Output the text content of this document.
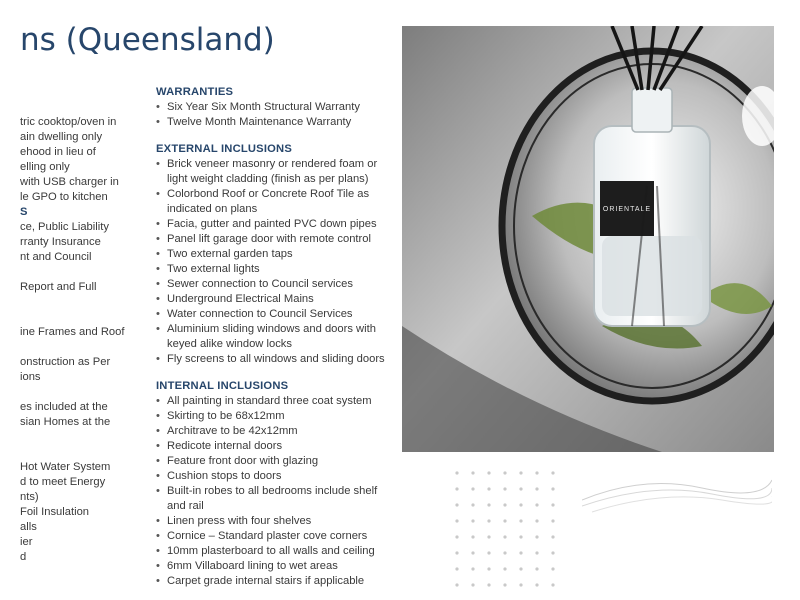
ns (Queensland)
tric cooktop/oven in
ain dwelling only
ehood in lieu of
elling only
with USB charger in
le GPO to kitchen
S
ce, Public Liability
rranty Insurance
nt and Council
Report and Full
ine Frames and Roof
onstruction as Per
ions
es included at the
sian Homes at the
Hot Water System
d to meet Energy
nts)
Foil Insulation
alls
ier
d
WARRANTIES
• Six Year Six Month Structural Warranty
• Twelve Month Maintenance Warranty
EXTERNAL INCLUSIONS
• Brick veneer masonry or rendered foam or light weight cladding (finish as per plans)
• Colorbond Roof or Concrete Roof Tile as indicated on plans
• Facia, gutter and painted PVC down pipes
• Panel lift garage door with remote control
• Two external garden taps
• Two external lights
• Sewer connection to Council services
• Underground Electrical Mains
• Water connection to Council Services
• Aluminium sliding windows and doors with keyed alike window locks
• Fly screens to all windows and sliding doors
INTERNAL INCLUSIONS
• All painting in standard three coat system
• Skirting to be 68x12mm
• Architrave to be 42x12mm
• Redicote internal doors
• Feature front door with glazing
• Cushion stops to doors
• Built-in robes to all bedrooms include shelf and rail
• Linen press with four shelves
• Cornice – Standard plaster cove corners
• 10mm plasterboard to all walls and ceiling
• 6mm Villaboard lining to wet areas
• Carpet grade internal stairs if applicable
ORIENTALE
